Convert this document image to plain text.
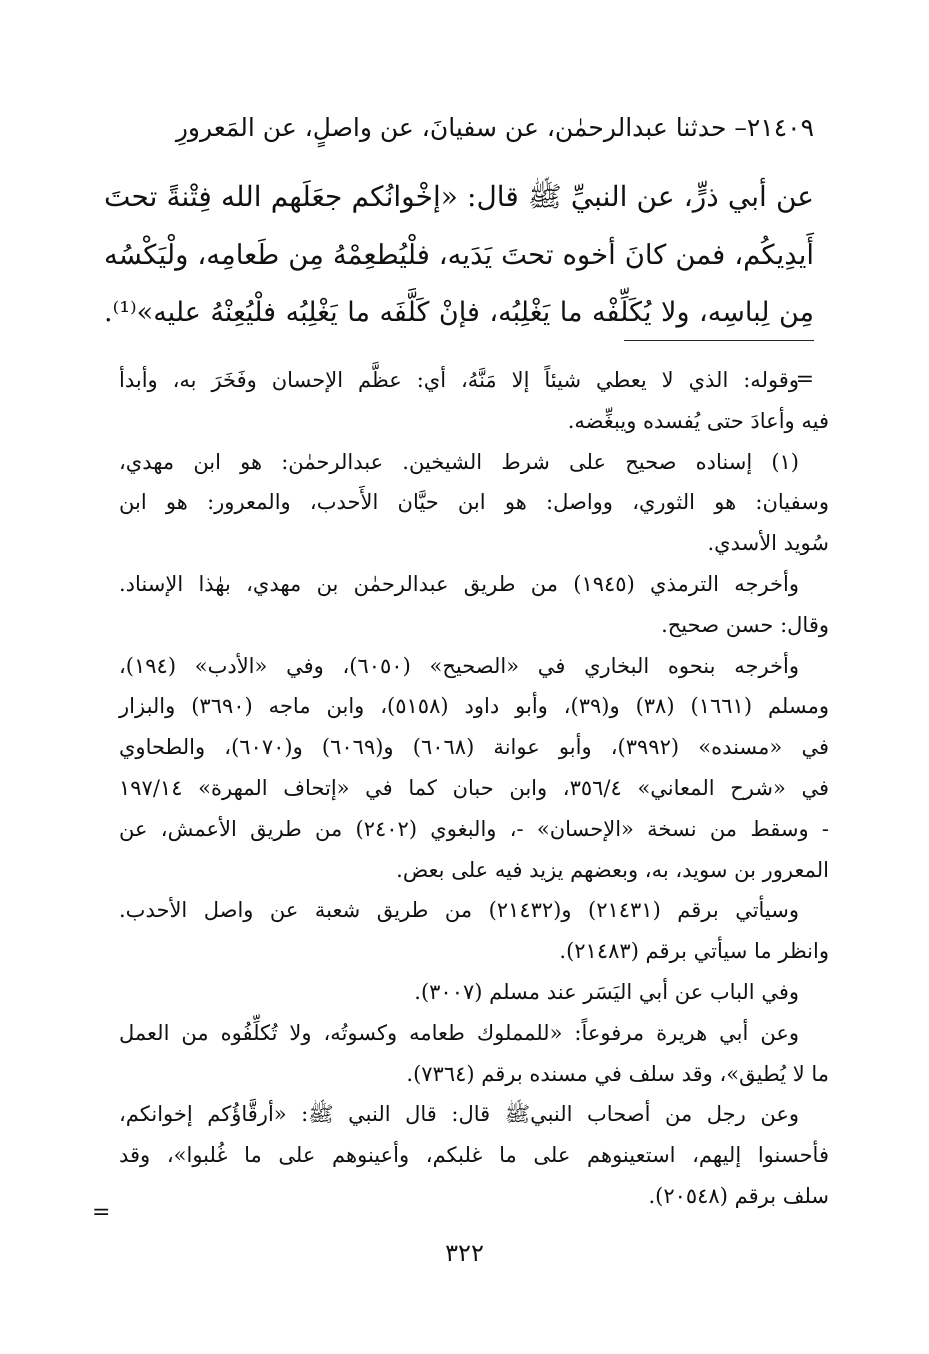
٢١٤٠٩– حدثنا عبدالرحمٰن، عن سفيانَ، عن واصلٍ، عن المَعرورِ
عن أبي ذرٍّ، عن النبيِّ ﷺ قال: «إخْوانُكم جعَلَهم الله فِتْنةً تحتَ
أَيدِيكُم، فمن كانَ أخوه تحتَ يَدَيه، فلْيُطعِمْهُ مِن طَعامِه، ولْيَكْسُه
مِن لِباسِه، ولا يُكَلِّفْه ما يَغْلِبُه، فإنْ كَلَّفَه ما يَغْلِبُه فلْيُعِنْهُ عليه»⁽¹⁾.
=
وقوله: الذي لا يعطي شيئاً إلا مَنَّهُ، أي: عظَّم الإحسان وفَخَرَ به، وأبدأ
فيه وأعادَ حتى يُفسده ويبغِّضه.
(١) إسناده صحيح على شرط الشيخين. عبدالرحمٰن: هو ابن مهدي،
وسفيان: هو الثوري، وواصل: هو ابن حيَّان الأَحدب، والمعرور: هو ابن
سُويد الأسدي.
وأخرجه الترمذي (١٩٤٥) من طريق عبدالرحمٰن بن مهدي، بهٰذا الإسناد.
وقال: حسن صحيح.
وأخرجه بنحوه البخاري في «الصحيح» (٦٠٥٠)، وفي «الأدب» (١٩٤)،
ومسلم (١٦٦١) (٣٨) و(٣٩)، وأبو داود (٥١٥٨)، وابن ماجه (٣٦٩٠) والبزار
في «مسنده» (٣٩٩٢)، وأبو عوانة (٦٠٦٨) و(٦٠٦٩) و(٦٠٧٠)، والطحاوي
في «شرح المعاني» ٣٥٦/٤، وابن حبان كما في «إتحاف المهرة» ١٩٧/١٤
- وسقط من نسخة «الإحسان» -، والبغوي (٢٤٠٢) من طريق الأعمش، عن
المعرور بن سويد، به، وبعضهم يزيد فيه على بعض.
وسيأتي برقم (٢١٤٣١) و(٢١٤٣٢) من طريق شعبة عن واصل الأحدب.
وانظر ما سيأتي برقم (٢١٤٨٣).
وفي الباب عن أبي اليَسَر عند مسلم (٣٠٠٧).
وعن أبي هريرة مرفوعاً: «للمملوك طعامه وكسوتُه، ولا تُكلِّفُوه من العمل
ما لا يُطيق»، وقد سلف في مسنده برقم (٧٣٦٤).
وعن رجل من أصحاب النبيﷺ قال: قال النبي ﷺ: «أرقَّاؤُكم إخوانكم،
فأحسنوا إليهم، استعينوهم على ما غلبكم، وأعينوهم على ما غُلبوا»، وقد
سلف برقم (٢٠٥٤٨).
=
٣٢٢
